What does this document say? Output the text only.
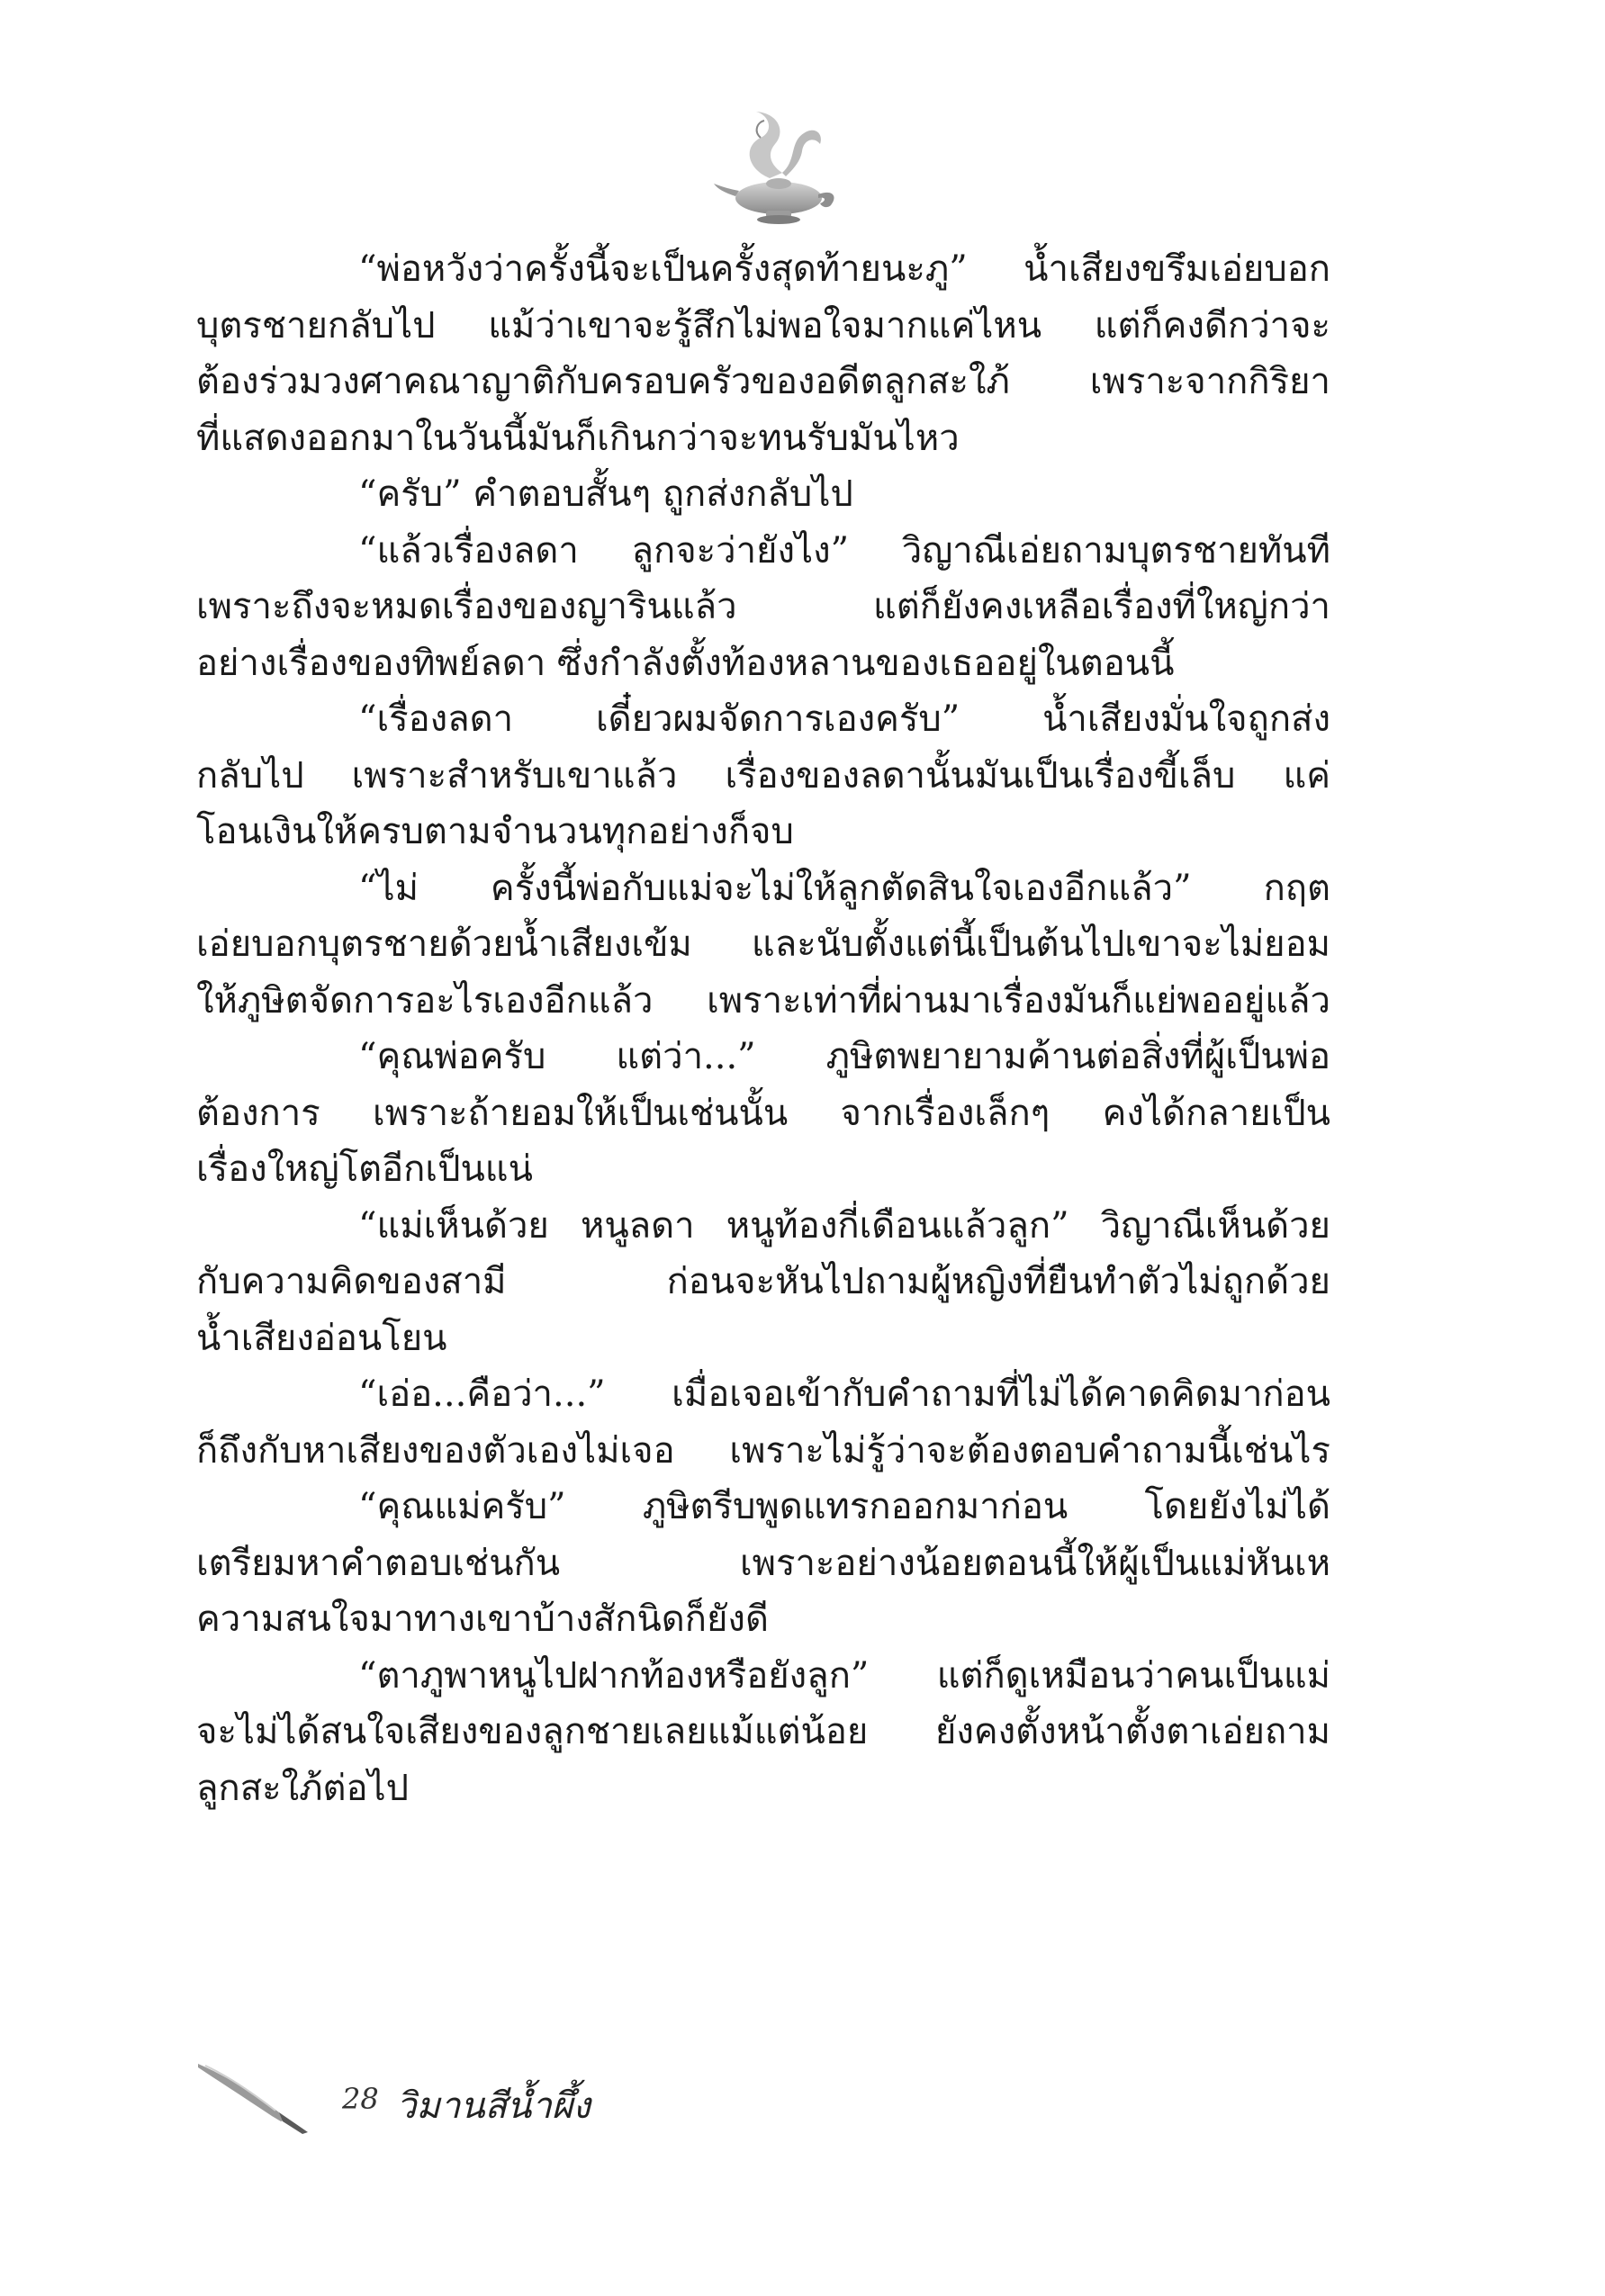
“พ่อหวังว่าครั้งนี้จะเป็นครั้งสุดท้ายนะภู” น้ำเสียงขรึมเอ่ยบอก
บุตรชายกลับไป แม้ว่าเขาจะรู้สึกไม่พอใจมากแค่ไหน แต่ก็คงดีกว่าจะ
ต้องร่วมวงศาคณาญาติกับครอบครัวของอดีตลูกสะใภ้ เพราะจากกิริยา
ที่แสดงออกมาในวันนี้มันก็เกินกว่าจะทนรับมันไหว
“ครับ” คำตอบสั้นๆ ถูกส่งกลับไป
“แล้วเรื่องลดา ลูกจะว่ายังไง” วิญาณีเอ่ยถามบุตรชายทันที
เพราะถึงจะหมดเรื่องของญารินแล้ว แต่ก็ยังคงเหลือเรื่องที่ใหญ่กว่า
อย่างเรื่องของทิพย์ลดา ซึ่งกำลังตั้งท้องหลานของเธออยู่ในตอนนี้
“เรื่องลดา เดี๋ยวผมจัดการเองครับ” น้ำเสียงมั่นใจถูกส่ง
กลับไป เพราะสำหรับเขาแล้ว เรื่องของลดานั้นมันเป็นเรื่องขี้เล็บ แค่
โอนเงินให้ครบตามจำนวนทุกอย่างก็จบ
“ไม่ ครั้งนี้พ่อกับแม่จะไม่ให้ลูกตัดสินใจเองอีกแล้ว” กฤต
เอ่ยบอกบุตรชายด้วยน้ำเสียงเข้ม และนับตั้งแต่นี้เป็นต้นไปเขาจะไม่ยอม
ให้ภูษิตจัดการอะไรเองอีกแล้ว เพราะเท่าที่ผ่านมาเรื่องมันก็แย่พออยู่แล้ว
“คุณพ่อครับ แต่ว่า...” ภูษิตพยายามค้านต่อสิ่งที่ผู้เป็นพ่อ
ต้องการ เพราะถ้ายอมให้เป็นเช่นนั้น จากเรื่องเล็กๆ คงได้กลายเป็น
เรื่องใหญ่โตอีกเป็นแน่
“แม่เห็นด้วย หนูลดา หนูท้องกี่เดือนแล้วลูก” วิญาณีเห็นด้วย
กับความคิดของสามี ก่อนจะหันไปถามผู้หญิงที่ยืนทำตัวไม่ถูกด้วย
น้ำเสียงอ่อนโยน
“เอ่อ...คือว่า...” เมื่อเจอเข้ากับคำถามที่ไม่ได้คาดคิดมาก่อน
ก็ถึงกับหาเสียงของตัวเองไม่เจอ เพราะไม่รู้ว่าจะต้องตอบคำถามนี้เช่นไร
“คุณแม่ครับ” ภูษิตรีบพูดแทรกออกมาก่อน โดยยังไม่ได้
เตรียมหาคำตอบเช่นกัน เพราะอย่างน้อยตอนนี้ให้ผู้เป็นแม่หันเห
ความสนใจมาทางเขาบ้างสักนิดก็ยังดี
“ตาภูพาหนูไปฝากท้องหรือยังลูก” แต่ก็ดูเหมือนว่าคนเป็นแม่
จะไม่ได้สนใจเสียงของลูกชายเลยแม้แต่น้อย ยังคงตั้งหน้าตั้งตาเอ่ยถาม
ลูกสะใภ้ต่อไป
28 วิมานสีน้ำผึ้ง
